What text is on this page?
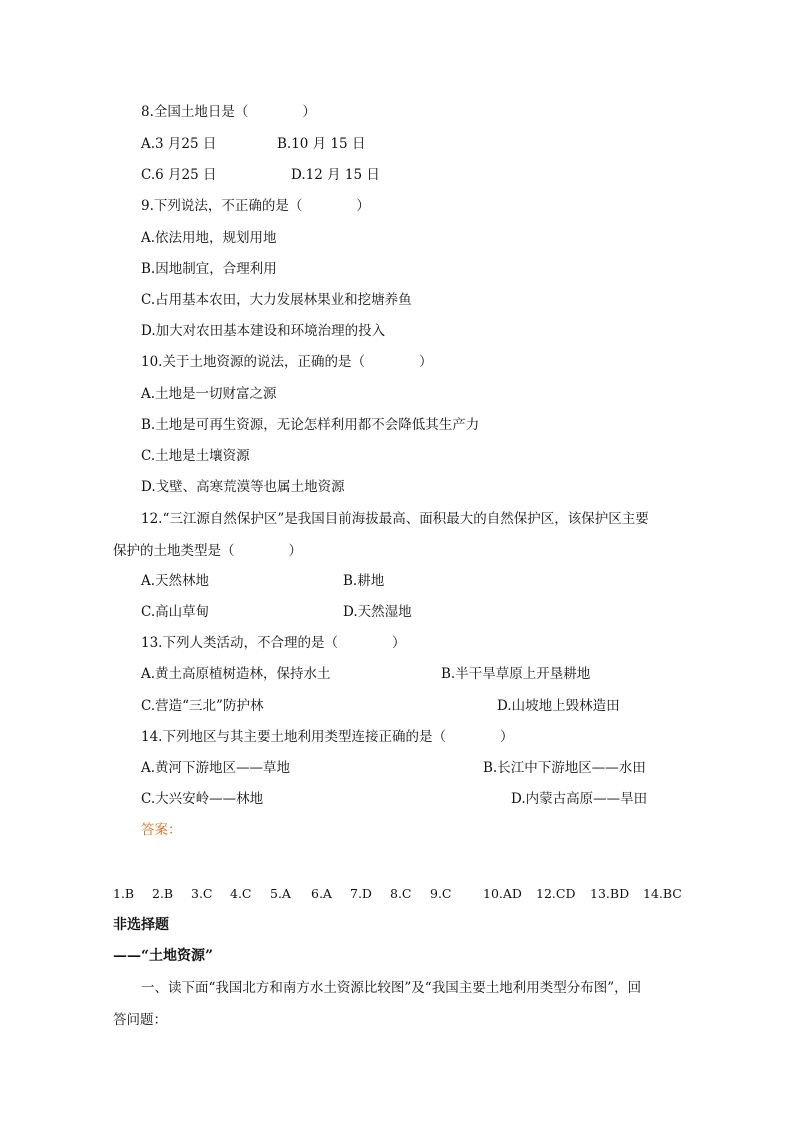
8.全国土地日是（　　　　）
A.3 月25 日	B.10 月 15 日
C.6 月25 日	D.12 月 15 日
9.下列说法，不正确的是（　　　　）
A.依法用地，规划用地
B.因地制宜，合理利用
C.占用基本农田，大力发展林果业和挖塘养鱼
D.加大对农田基本建设和环境治理的投入
10.关于土地资源的说法，正确的是（　　　　）
A.土地是一切财富之源
B.土地是可再生资源，无论怎样利用都不会降低其生产力
C.土地是土壤资源
D.戈壁、高寒荒漠等也属土地资源
12.“三江源自然保护区”是我国目前海拔最高、面积最大的自然保护区，该保护区主要
保护的土地类型是（　　　　）
A.天然林地	B.耕地
C.高山草甸	D.天然湿地
13.下列人类活动，不合理的是（　　　　）
A.黄土高原植树造林，保持水土	B.半干旱草原上开垦耕地
C.营造“三北”防护林	D.山坡地上毁林造田
14.下列地区与其主要土地利用类型连接正确的是（　　　　）
A.黄河下游地区——草地	B.长江中下游地区——水田
C.大兴安岭——林地	D.内蒙古高原——旱田
答案：
1.B 2.B 3.C 4.C 5.A 6.A 7.D 8.C 9.C	10.AD 12.CD 13.BD 14.BC
非选择题
——“土地资源”
一、读下面“我国北方和南方水土资源比较图”及“我国主要土地利用类型分布图”，回
答问题：
